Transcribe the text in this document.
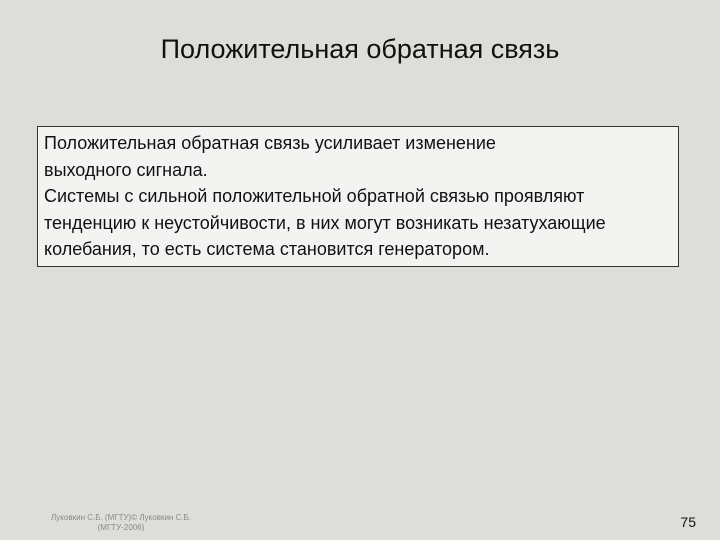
Положительная обратная связь

Положительная обратная связь усиливает изменение

выходного сигнала.

Системы с сильной положительной обратной связью проявляют

тенденцию к неустойчивости, в них могут возникать незатухающие

колебания, то есть система становится генератором.

Луковкин С.Б. (МГТУ)© Луковкин С.Б.
(МГТУ-2006)	75
